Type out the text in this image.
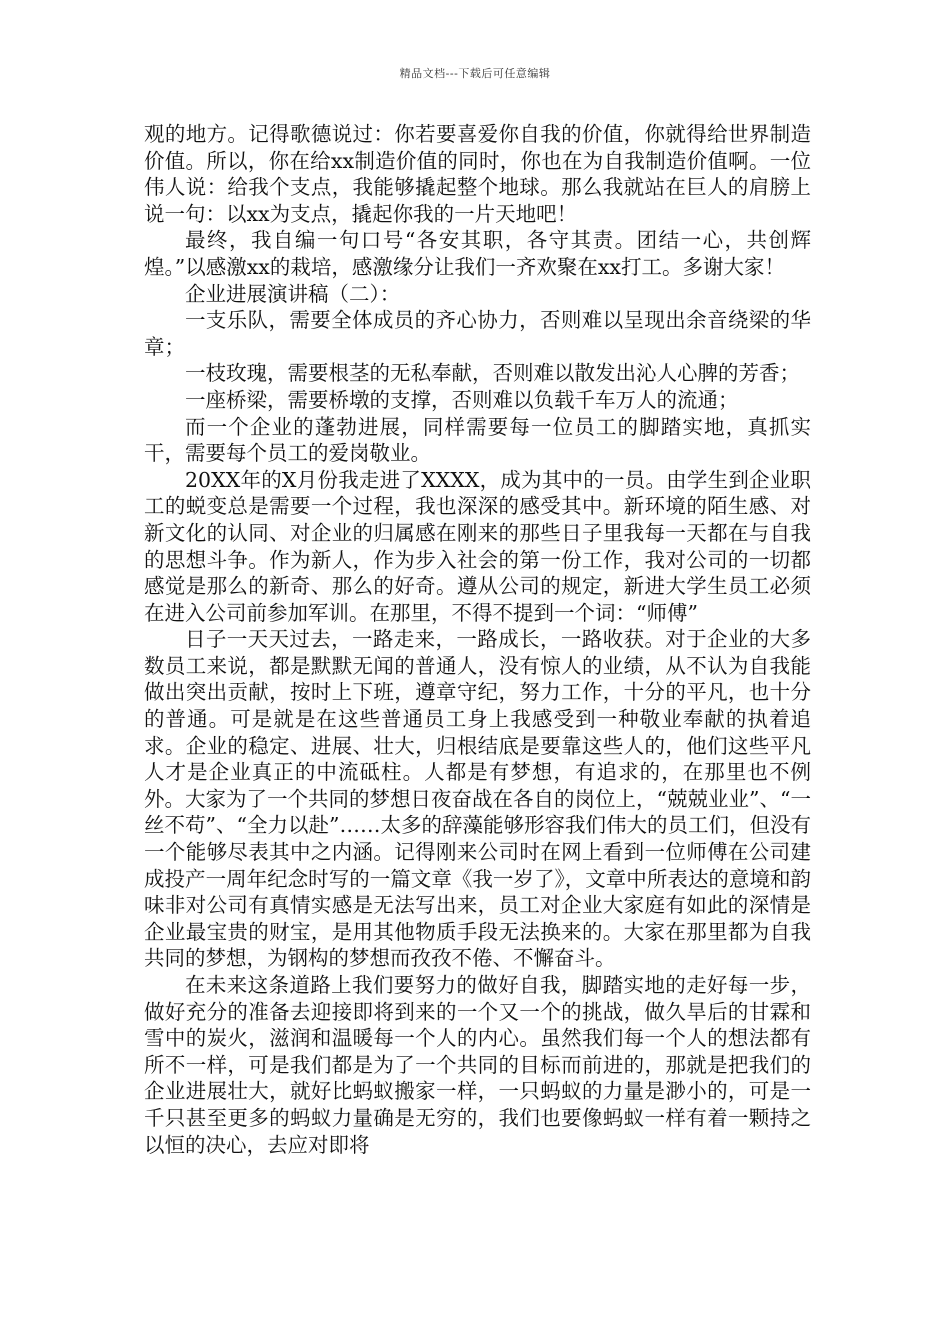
精品文档---下载后可任意编辑

观的地方。记得歌德说过：你若要喜爱你自我的价值，你就得给世界制造价值。所以，你在给xx制造价值的同时，你也在为自我制造价值啊。一位伟人说：给我个支点，我能够撬起整个地球。那么我就站在巨人的肩膀上说一句：以xx为支点，撬起你我的一片天地吧！

最终，我自编一句口号“各安其职，各守其责。团结一心，共创辉煌。”以感激xx的栽培，感激缘分让我们一齐欢聚在xx打工。多谢大家！

企业进展演讲稿（二）：

一支乐队，需要全体成员的齐心协力，否则难以呈现出余音绕梁的华章；

一枝玫瑰，需要根茎的无私奉献，否则难以散发出沁人心脾的芳香；

一座桥梁，需要桥墩的支撑，否则难以负载千车万人的流通；

而一个企业的蓬勃进展，同样需要每一位员工的脚踏实地，真抓实干，需要每个员工的爱岗敬业。

20XX年的X月份我走进了XXXX，成为其中的一员。由学生到企业职工的蜕变总是需要一个过程，我也深深的感受其中。新环境的陌生感、对新文化的认同、对企业的归属感在刚来的那些日子里我每一天都在与自我的思想斗争。作为新人，作为步入社会的第一份工作，我对公司的一切都感觉是那么的新奇、那么的好奇。遵从公司的规定，新进大学生员工必须在进入公司前参加军训。在那里，不得不提到一个词：“师傅”

日子一天天过去，一路走来，一路成长，一路收获。对于企业的大多数员工来说，都是默默无闻的普通人，没有惊人的业绩，从不认为自我能做出突出贡献，按时上下班，遵章守纪，努力工作，十分的平凡，也十分的普通。可是就是在这些普通员工身上我感受到一种敬业奉献的执着追求。企业的稳定、进展、壮大，归根结底是要靠这些人的，他们这些平凡人才是企业真正的中流砥柱。人都是有梦想，有追求的，在那里也不例外。大家为了一个共同的梦想日夜奋战在各自的岗位上，“兢兢业业”、“一丝不苟”、“全力以赴”……太多的辞藻能够形容我们伟大的员工们，但没有一个能够尽表其中之内涵。记得刚来公司时在网上看到一位师傅在公司建成投产一周年纪念时写的一篇文章《我一岁了》，文章中所表达的意境和韵味非对公司有真情实感是无法写出来，员工对企业大家庭有如此的深情是企业最宝贵的财宝，是用其他物质手段无法换来的。大家在那里都为自我共同的梦想，为钢构的梦想而孜孜不倦、不懈奋斗。

在未来这条道路上我们要努力的做好自我，脚踏实地的走好每一步，做好充分的准备去迎接即将到来的一个又一个的挑战，做久旱后的甘霖和雪中的炭火，滋润和温暖每一个人的内心。虽然我们每一个人的想法都有所不一样，可是我们都是为了一个共同的目标而前进的，那就是把我们的企业进展壮大，就好比蚂蚁搬家一样，一只蚂蚁的力量是渺小的，可是一千只甚至更多的蚂蚁力量确是无穷的，我们也要像蚂蚁一样有着一颗持之以恒的决心，去应对即将
